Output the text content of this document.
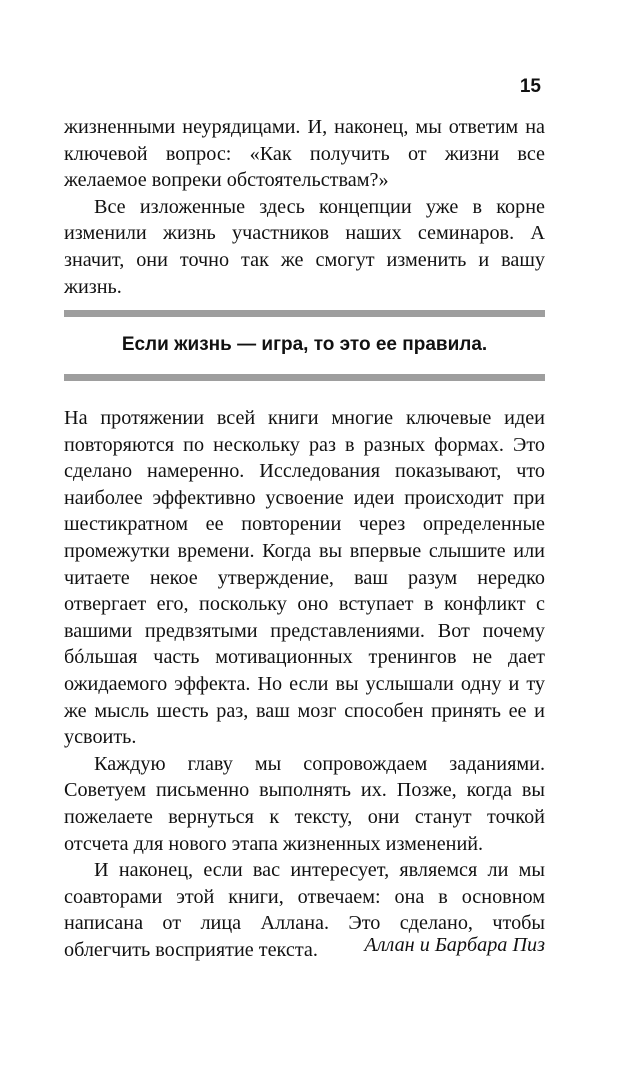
15

жизненными неурядицами. И, наконец, мы ответим на ключевой вопрос: «Как получить от жизни все желаемое вопреки обстоятельствам?»

Все изложенные здесь концепции уже в корне изменили жизнь участников наших семинаров. А значит, они точно так же смогут изменить и вашу жизнь.

Если жизнь — игра, то это ее правила.

На протяжении всей книги многие ключевые идеи повторяются по нескольку раз в разных формах. Это сделано намеренно. Исследования показывают, что наиболее эффективно усвоение идеи происходит при шестикратном ее повторении через определенные промежутки времени. Когда вы впервые слышите или читаете некое утверждение, ваш разум нередко отвергает его, поскольку оно вступает в конфликт с вашими предвзятыми представлениями. Вот почему бóльшая часть мотивационных тренингов не дает ожидаемого эффекта. Но если вы услышали одну и ту же мысль шесть раз, ваш мозг способен принять ее и усвоить.

Каждую главу мы сопровождаем заданиями. Советуем письменно выполнять их. Позже, когда вы пожелаете вернуться к тексту, они станут точкой отсчета для нового этапа жизненных изменений.

И наконец, если вас интересует, являемся ли мы соавторами этой книги, отвечаем: она в основном написана от лица Аллана. Это сделано, чтобы облегчить восприятие текста.	Аллан и Барбара Пиз
